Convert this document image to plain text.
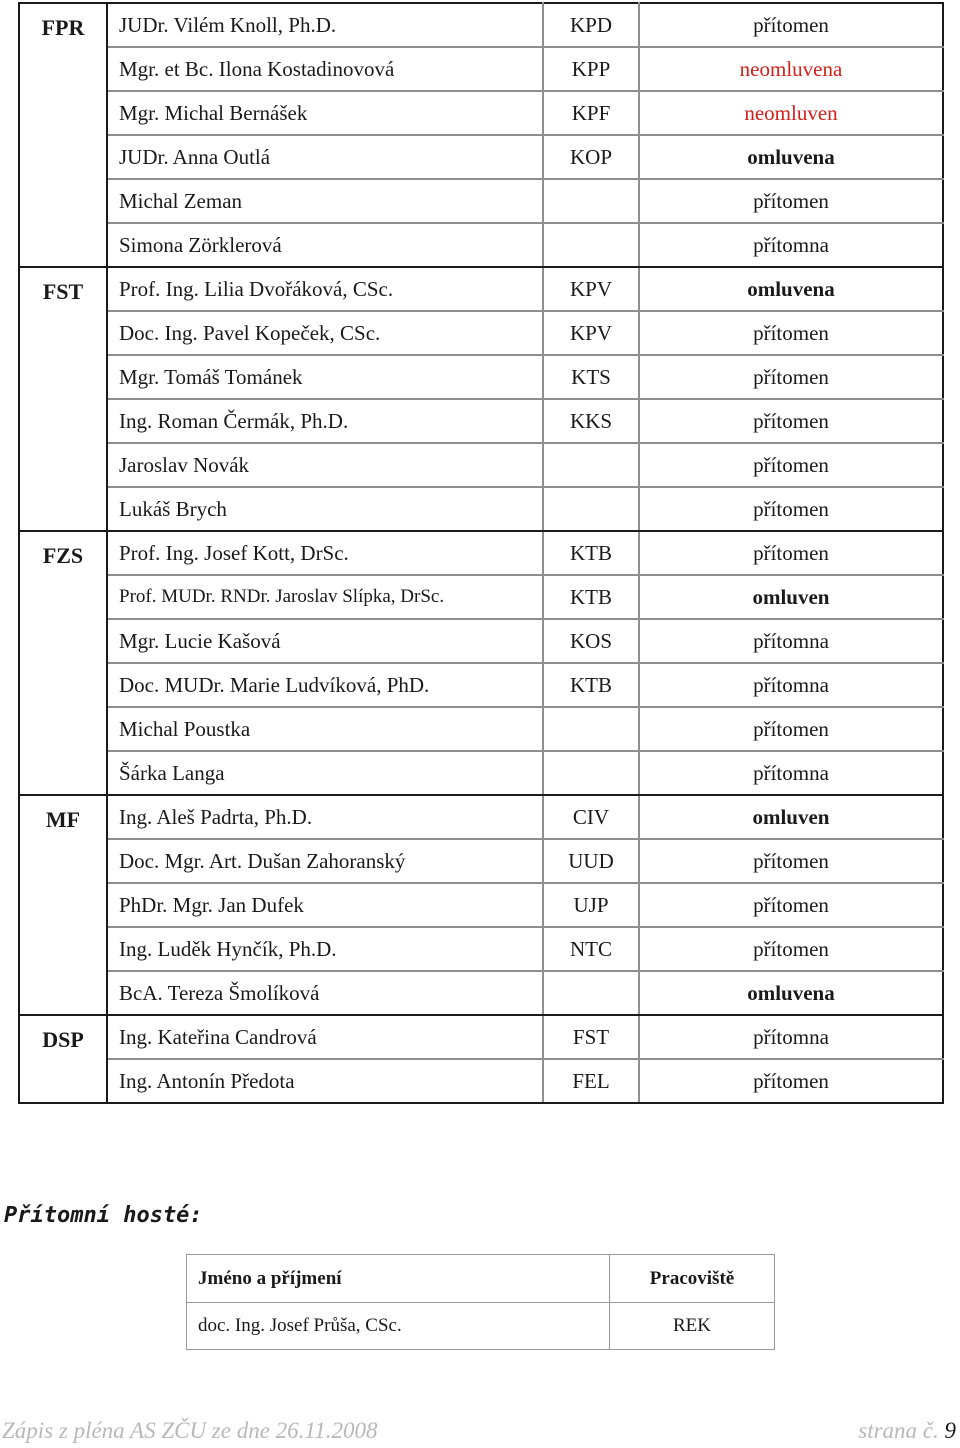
FPR	JUDr. Vilém Knoll, Ph.D.	KPD	přítomen
	Mgr. et Bc. Ilona Kostadinovová	KPP	neomluvena
	Mgr. Michal Bernášek	KPF	neomluven
	JUDr. Anna Outlá	KOP	omluvena
	Michal Zeman		přítomen
	Simona Zörklerová		přítomna
FST	Prof. Ing. Lilia Dvořáková, CSc.	KPV	omluvena
	Doc. Ing. Pavel Kopeček, CSc.	KPV	přítomen
	Mgr. Tomáš Tománek	KTS	přítomen
	Ing. Roman Čermák, Ph.D.	KKS	přítomen
	Jaroslav Novák		přítomen
	Lukáš Brych		přítomen
FZS	Prof. Ing. Josef Kott, DrSc.	KTB	přítomen
	Prof. MUDr. RNDr. Jaroslav Slípka, DrSc.	KTB	omluven
	Mgr. Lucie Kašová	KOS	přítomna
	Doc. MUDr. Marie Ludvíková, PhD.	KTB	přítomna
	Michal Poustka		přítomen
	Šárka Langa		přítomna
MF	Ing. Aleš Padrta, Ph.D.	CIV	omluven
	Doc. Mgr. Art. Dušan Zahoranský	UUD	přítomen
	PhDr. Mgr. Jan Dufek	UJP	přítomen
	Ing. Luděk Hynčík, Ph.D.	NTC	přítomen
	BcA. Tereza Šmolíková		omluvena
DSP	Ing. Kateřina Candrová	FST	přítomna
	Ing. Antonín Předota	FEL	přítomen
Přítomní hosté:
Jméno a příjmení	Pracoviště
doc. Ing. Josef Průša, CSc.	REK
Zápis z pléna AS ZČU ze dne 26.11.2008	strana č. 9
